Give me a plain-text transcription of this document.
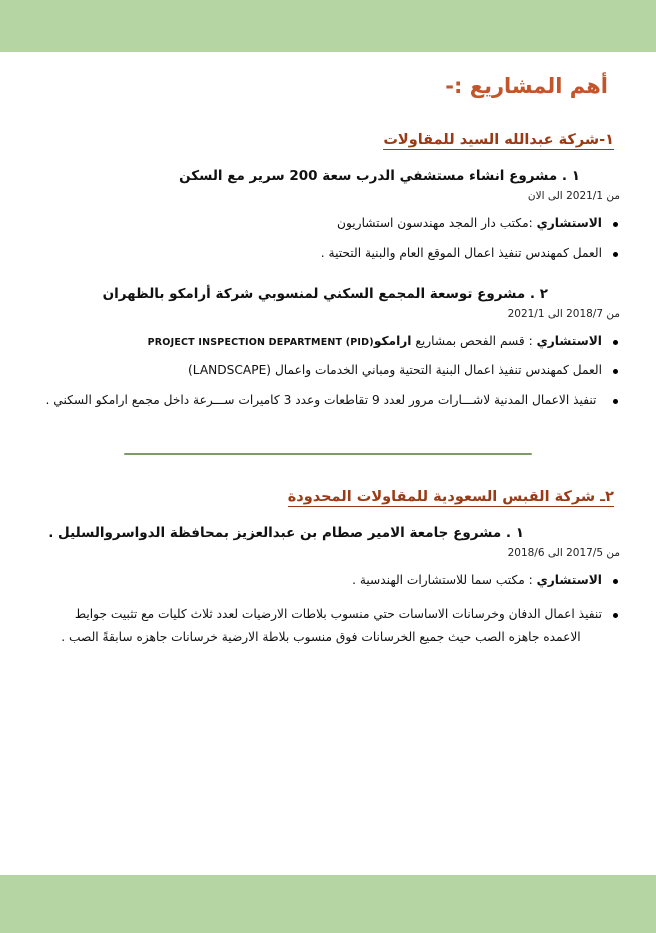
أهم المشاريع :-
١-شركة عبدالله السيد للمقاولات
١ . مشروع انشاء مستشفي الدرب سعة 200 سرير مع السكن
من 2021/1 الى الان
الاستشاري :مكتب دار المجد مهندسون استشاريون
العمل كمهندس تنفيذ اعمال الموقع العام والبنية التحتية .
٢ . مشروع توسعة المجمع السكني لمنسوبي شركة أرامكو بالظهران
من 2018/7 الى 2021/1
الاستشاري : قسم الفحص بمشاريع ارامكوPROJECT INSPECTION DEPARTMENT (PID)
العمل كمهندس تنفيذ اعمال البنية التحتية ومباني الخدمات واعمال (LANDSCAPE)
تنفيذ الاعمال المدنية لاشـــارات مرور لعدد 9 تقاطعات وعدد 3 كاميرات ســـرعة داخل مجمع ارامكو السكني .
٢ـ شركة القبس السعودية للمقاولات المحدودة
١ . مشروع جامعة الامير صطام بن عبدالعزيز بمحافظة الدواسروالسليل .
من 2017/5 الى 2018/6
الاستشاري : مكتب سما للاستشارات الهندسية .
تنفيذ اعمال الدفان وخرسانات الاساسات حتي منسوب بلاطات الارضيات لعدد ثلاث كليات مع تثبيت جوايط الاعمده جاهزه الصب حيث جميع الخرسانات فوق منسوب بلاطة الارضية خرسانات جاهزه سابقةً الصب .
